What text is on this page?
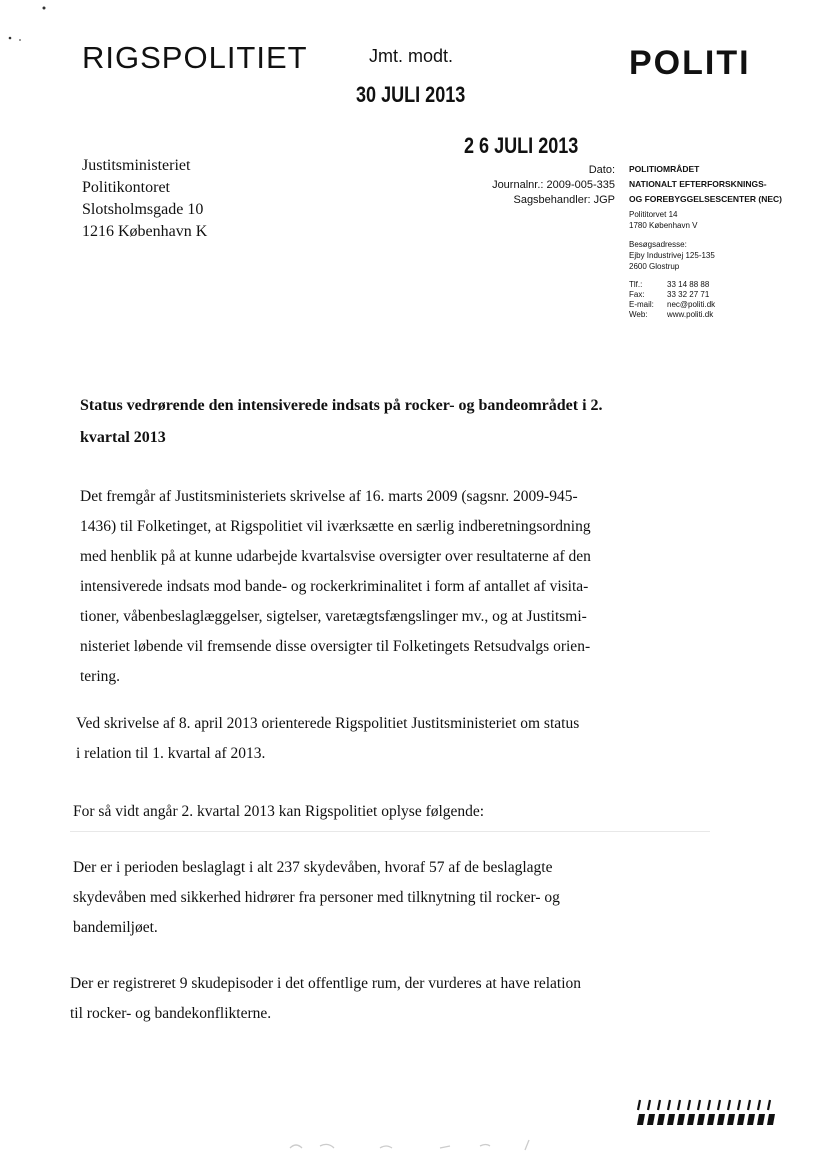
RIGSPOLITIET	Jmt. modt.
30 JULI 2013
POLITI
2 6 JULI 2013
Justitsministeriet
Politikontoret
Slotsholmsgade 10
1216 København K
Dato:
Journalnr.: 2009-005-335
Sagsbehandler: JGP
POLITIOMRÅDET
NATIONALT EFTERFORSKNINGS-
OG FOREBYGGELSESCENTER (NEC)
Polititorvet 14
1780 København V
Besøgsadresse:
Ejby Industrivej 125-135
2600 Glostrup
Tlf.:	33 14 88 88
Fax:	33 32 27 71
E-mail:	nec@politi.dk
Web:	www.politi.dk
Status vedrørende den intensiverede indsats på rocker- og bandeområdet i 2.
kvartal 2013
Det fremgår af Justitsministeriets skrivelse af 16. marts 2009 (sagsnr. 2009-945-
1436) til Folketinget, at Rigspolitiet vil iværksætte en særlig indberetningsordning
med henblik på at kunne udarbejde kvartalsvise oversigter over resultaterne af den
intensiverede indsats mod bande- og rockerkriminalitet i form af antallet af visita-
tioner, våbenbeslaglæggelser, sigtelser, varetægtsfængslinger mv., og at Justitsmi-
nisteriet løbende vil fremsende disse oversigter til Folketingets Retsudvalgs orien-
tering.
Ved skrivelse af 8. april 2013 orienterede Rigspolitiet Justitsministeriet om status
i relation til 1. kvartal af 2013.
For så vidt angår 2. kvartal 2013 kan Rigspolitiet oplyse følgende:
Der er i perioden beslaglagt i alt 237 skydevåben, hvoraf 57 af de beslaglagte
skydevåben med sikkerhed hidrører fra personer med tilknytning til rocker- og
bandemiljøet.
Der er registreret 9 skudepisoder i det offentlige rum, der vurderes at have relation
til rocker- og bandekonflikterne.
